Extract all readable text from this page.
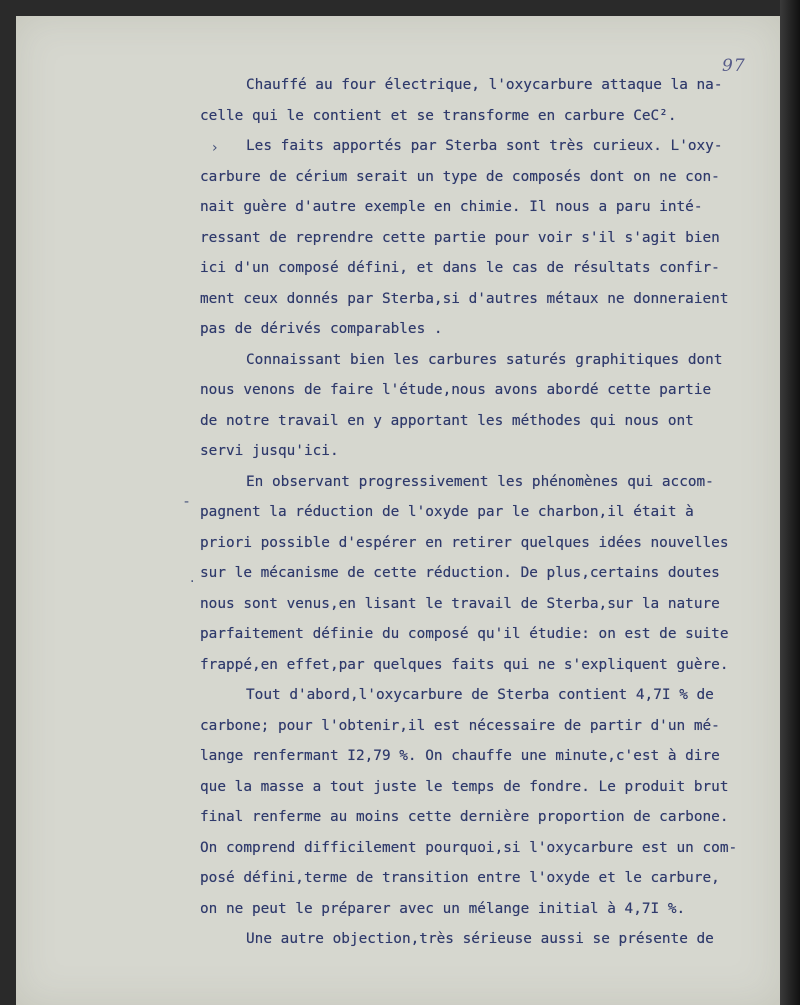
97
›
-
·
Chauffé au four électrique, l'oxycarbure attaque la na-
celle qui le contient et se transforme en carbure CeC².
Les faits apportés par Sterba sont très curieux. L'oxy-
carbure de cérium serait un type de composés dont on ne con-
nait guère d'autre exemple en chimie. Il nous a paru inté-
ressant de reprendre cette partie pour voir s'il s'agit bien
ici d'un composé défini, et dans le cas de résultats confir-
ment ceux donnés par Sterba,si d'autres métaux ne donneraient
pas de dérivés comparables .
Connaissant bien les carbures saturés graphitiques dont
nous venons de faire l'étude,nous avons abordé cette partie
de notre travail en y apportant les méthodes qui nous ont
servi jusqu'ici.
En observant progressivement les phénomènes qui accom-
pagnent la réduction de l'oxyde par le charbon,il était à
priori possible d'espérer en retirer quelques idées nouvelles
sur le mécanisme de cette réduction. De plus,certains doutes
nous sont venus,en lisant le travail de Sterba,sur la nature
parfaitement définie du composé qu'il étudie: on est de suite
frappé,en effet,par quelques faits qui ne s'expliquent guère.
Tout d'abord,l'oxycarbure de Sterba contient 4,7I % de
carbone; pour l'obtenir,il est nécessaire de partir d'un mé-
lange renfermant I2,79 %. On chauffe une minute,c'est à dire
que la masse a tout juste le temps de fondre. Le produit brut
final renferme au moins cette dernière proportion de carbone.
On comprend difficilement pourquoi,si l'oxycarbure est un com-
posé défini,terme de transition entre l'oxyde et le carbure,
on ne peut le préparer avec un mélange initial à 4,7I %.
Une autre objection,très sérieuse aussi se présente de
